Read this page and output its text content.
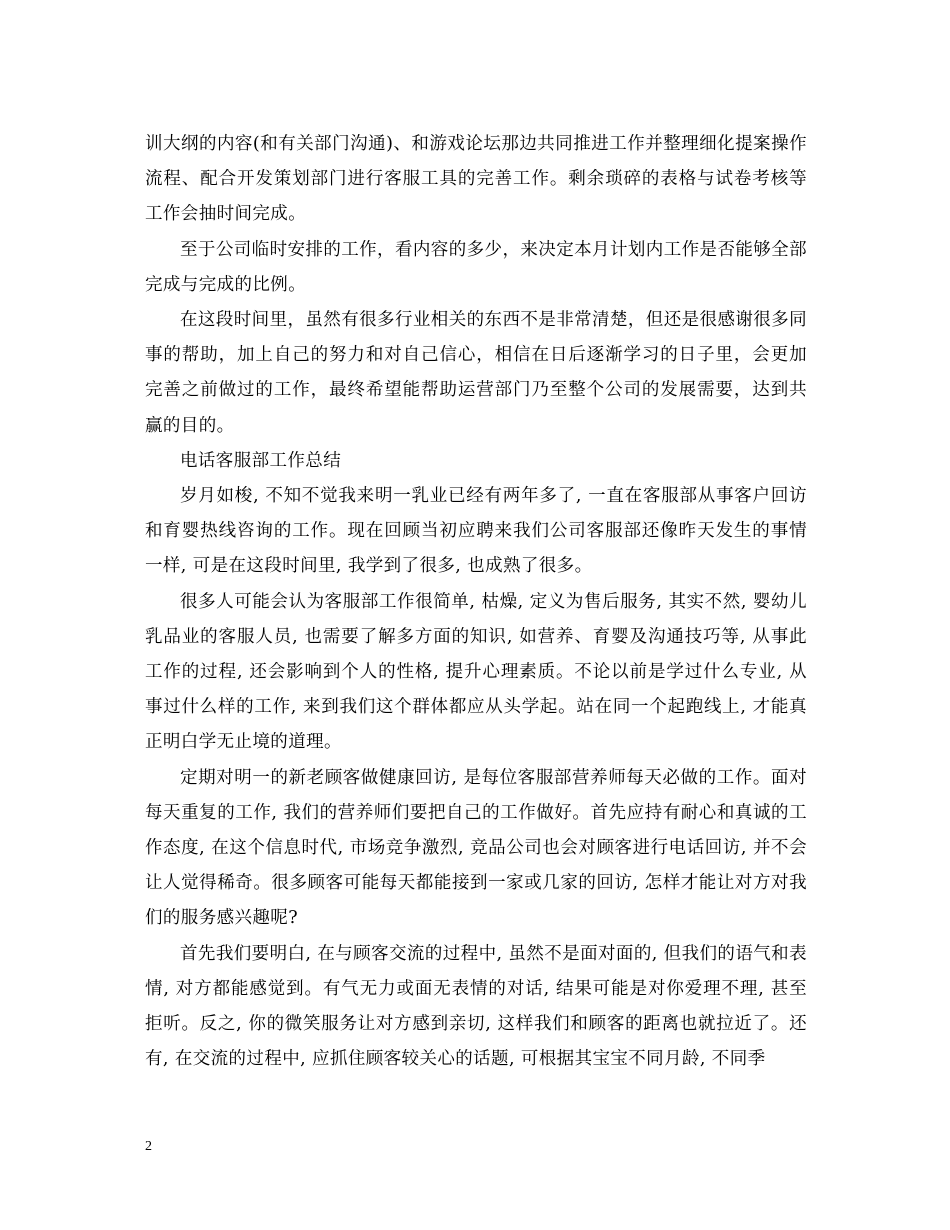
训大纲的内容(和有关部门沟通)、和游戏论坛那边共同推进工作并整理细化提案操作流程、配合开发策划部门进行客服工具的完善工作。剩余琐碎的表格与试卷考核等工作会抽时间完成。

至于公司临时安排的工作，看内容的多少，来决定本月计划内工作是否能够全部完成与完成的比例。

在这段时间里，虽然有很多行业相关的东西不是非常清楚，但还是很感谢很多同事的帮助，加上自己的努力和对自己信心，相信在日后逐渐学习的日子里，会更加完善之前做过的工作，最终希望能帮助运营部门乃至整个公司的发展需要，达到共赢的目的。

电话客服部工作总结

岁月如梭, 不知不觉我来明一乳业已经有两年多了, 一直在客服部从事客户回访和育婴热线咨询的工作。现在回顾当初应聘来我们公司客服部还像昨天发生的事情一样, 可是在这段时间里, 我学到了很多, 也成熟了很多。

很多人可能会认为客服部工作很简单, 枯燥, 定义为售后服务, 其实不然, 婴幼儿乳品业的客服人员, 也需要了解多方面的知识, 如营养、育婴及沟通技巧等, 从事此工作的过程, 还会影响到个人的性格, 提升心理素质。不论以前是学过什么专业, 从事过什么样的工作, 来到我们这个群体都应从头学起。站在同一个起跑线上, 才能真正明白学无止境的道理。

定期对明一的新老顾客做健康回访, 是每位客服部营养师每天必做的工作。面对每天重复的工作, 我们的营养师们要把自己的工作做好。首先应持有耐心和真诚的工作态度, 在这个信息时代, 市场竞争激烈, 竞品公司也会对顾客进行电话回访, 并不会让人觉得稀奇。很多顾客可能每天都能接到一家或几家的回访, 怎样才能让对方对我们的服务感兴趣呢?

首先我们要明白, 在与顾客交流的过程中, 虽然不是面对面的, 但我们的语气和表情, 对方都能感觉到。有气无力或面无表情的对话, 结果可能是对你爱理不理, 甚至拒听。反之, 你的微笑服务让对方感到亲切, 这样我们和顾客的距离也就拉近了。还有, 在交流的过程中, 应抓住顾客较关心的话题, 可根据其宝宝不同月龄, 不同季

2
